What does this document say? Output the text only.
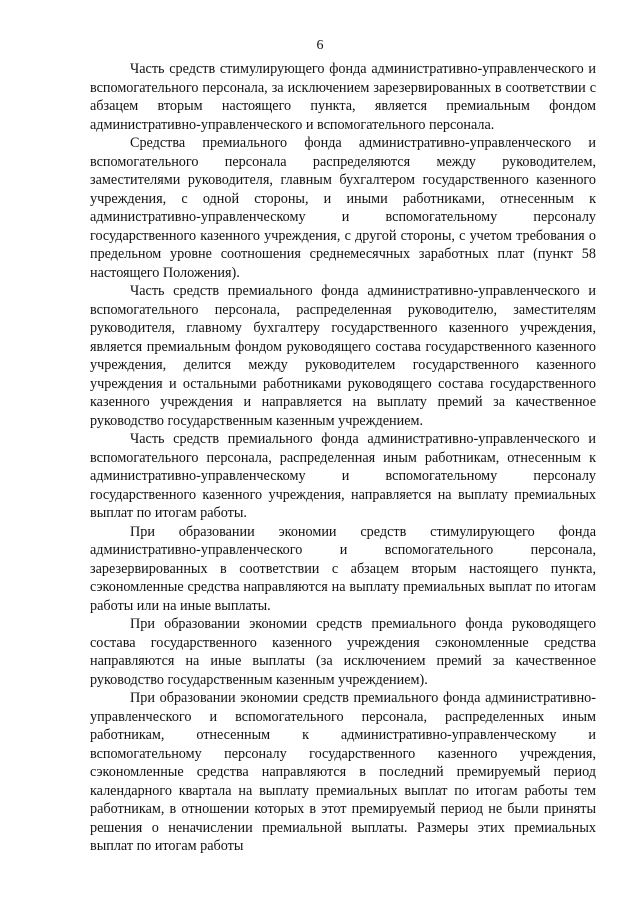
6

Часть средств стимулирующего фонда административно-управленческого и вспомогательного персонала, за исключением зарезервированных в соответствии с абзацем вторым настоящего пункта, является премиальным фондом административно-управленческого и вспомогательного персонала.

Средства премиального фонда административно-управленческого и вспомогательного персонала распределяются между руководителем, заместителями руководителя, главным бухгалтером государственного казенного учреждения, с одной стороны, и иными работниками, отнесенным к административно-управленческому и вспомогательному персоналу государственного казенного учреждения, с другой стороны, с учетом требования о предельном уровне соотношения среднемесячных заработных плат (пункт 58 настоящего Положения).

Часть средств премиального фонда административно-управленческого и вспомогательного персонала, распределенная руководителю, заместителям руководителя, главному бухгалтеру государственного казенного учреждения, является премиальным фондом руководящего состава государственного казенного учреждения, делится между руководителем государственного казенного учреждения и остальными работниками руководящего состава государственного казенного учреждения и направляется на выплату премий за качественное руководство государственным казенным учреждением.

Часть средств премиального фонда административно-управленческого и вспомогательного персонала, распределенная иным работникам, отнесенным к административно-управленческому и вспомогательному персоналу государственного казенного учреждения, направляется на выплату премиальных выплат по итогам работы.

При образовании экономии средств стимулирующего фонда административно-управленческого и вспомогательного персонала, зарезервированных в соответствии с абзацем вторым настоящего пункта, сэкономленные средства направляются на выплату премиальных выплат по итогам работы или на иные выплаты.

При образовании экономии средств премиального фонда руководящего состава государственного казенного учреждения сэкономленные средства направляются на иные выплаты (за исключением премий за качественное руководство государственным казенным учреждением).

При образовании экономии средств премиального фонда административно-управленческого и вспомогательного персонала, распределенных иным работникам, отнесенным к административно-управленческому и вспомогательному персоналу государственного казенного учреждения, сэкономленные средства направляются в последний премируемый период календарного квартала на выплату премиальных выплат по итогам работы тем работникам, в отношении которых в этот премируемый период не были приняты решения о неначислении премиальной выплаты. Размеры этих премиальных выплат по итогам работы
